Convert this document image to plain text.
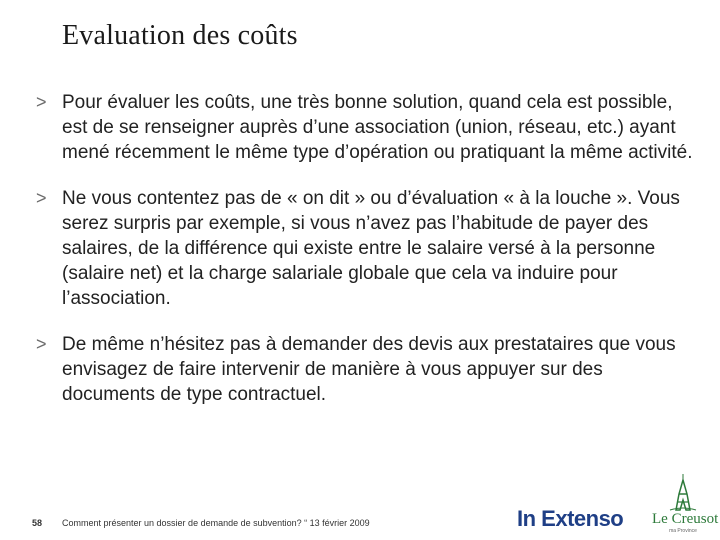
Evaluation des coûts
> Pour évaluer les coûts, une très bonne solution, quand cela est possible, est de se renseigner auprès d’une association (union, réseau, etc.) ayant mené récemment le même type d’opération ou pratiquant la même activité.
> Ne vous contentez pas de « on dit » ou d’évaluation « à la louche ». Vous serez surpris par exemple, si vous n’avez pas l’habitude de payer des salaires, de la différence qui existe entre le salaire versé à la personne (salaire net) et la charge salariale globale que cela va induire pour l’association.
> De même n’hésitez pas à demander des devis aux prestataires que vous envisagez de faire intervenir de manière à vous appuyer sur des documents de type contractuel.
58 Comment présenter un dossier de demande de subvention? “ 13 février 2009	In Extenso Le Creusot
ma Province
